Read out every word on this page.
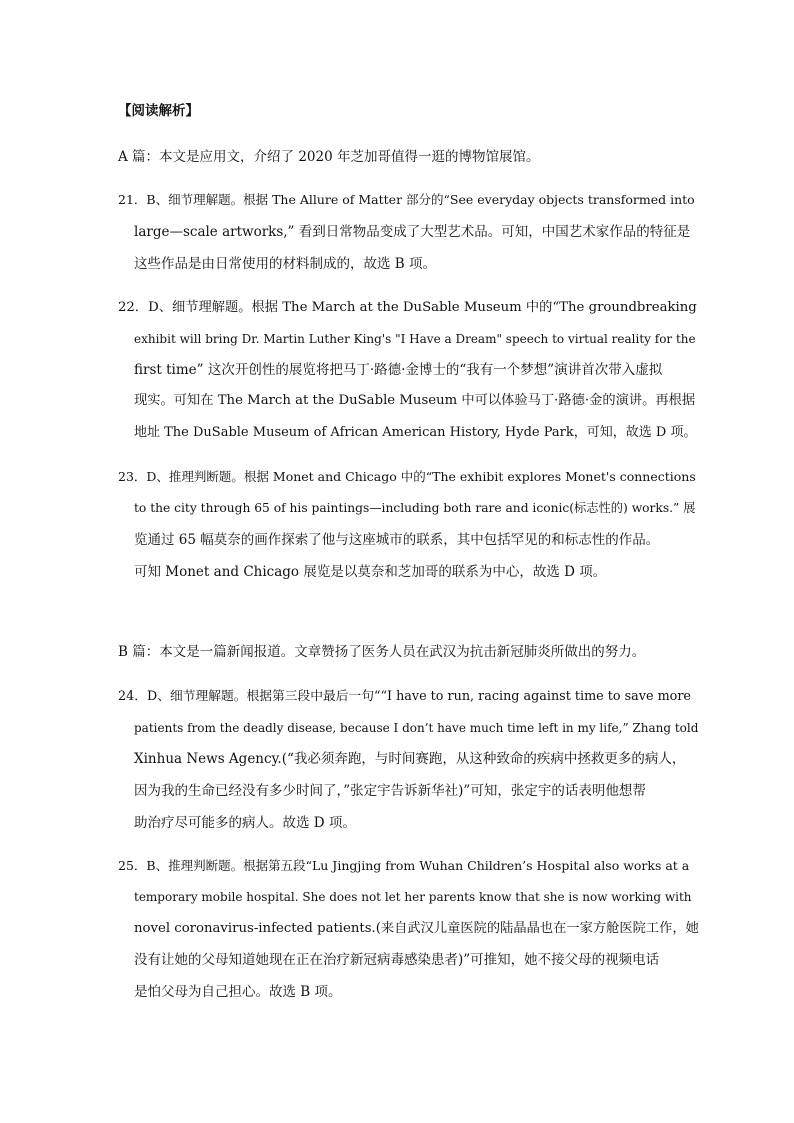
【阅读解析】
A 篇：本文是应用文，介绍了 2020 年芝加哥值得一逛的博物馆展馆。
21．B、细节理解题。根据 The Allure of Matter 部分的“See everyday objects transformed into
large—scale artworks,” 看到日常物品变成了大型艺术品。可知，中国艺术家作品的特征是
这些作品是由日常使用的材料制成的，故选 B 项。
22．D、细节理解题。根据 The March at the DuSable Museum 中的“The groundbreaking
exhibit will bring Dr. Martin Luther King's "I Have a Dream" speech to virtual reality for the
first time” 这次开创性的展览将把马丁·路德·金博士的“我有一个梦想”演讲首次带入虚拟
现实。可知在 The March at the DuSable Museum 中可以体验马丁·路德·金的演讲。再根据
地址 The DuSable Museum of African American History, Hyde Park，可知，故选 D 项。
23．D、推理判断题。根据 Monet and Chicago 中的“The exhibit explores Monet's connections
to the city through 65 of his paintings—including both rare and iconic(标志性的) works.” 展
览通过 65 幅莫奈的画作探索了他与这座城市的联系，其中包括罕见的和标志性的作品。
可知 Monet and Chicago 展览是以莫奈和芝加哥的联系为中心，故选 D 项。
B 篇：本文是一篇新闻报道。文章赞扬了医务人员在武汉为抗击新冠肺炎所做出的努力。
24．D、细节理解题。根据第三段中最后一句““I have to run, racing against time to save more
patients from the deadly disease, because I don’t have much time left in my life,” Zhang told
Xinhua News Agency.(“我必须奔跑，与时间赛跑，从这种致命的疾病中拯救更多的病人，
因为我的生命已经没有多少时间了，”张定宇告诉新华社)”可知，张定宇的话表明他想帮
助治疗尽可能多的病人。故选 D 项。
25．B、推理判断题。根据第五段“Lu Jingjing from Wuhan Children’s Hospital also works at a
temporary mobile hospital. She does not let her parents know that she is now working with
novel coronavirus-infected patients.(来自武汉儿童医院的陆晶晶也在一家方舱医院工作，她
没有让她的父母知道她现在正在治疗新冠病毒感染患者)”可推知，她不接父母的视频电话
是怕父母为自己担心。故选 B 项。
